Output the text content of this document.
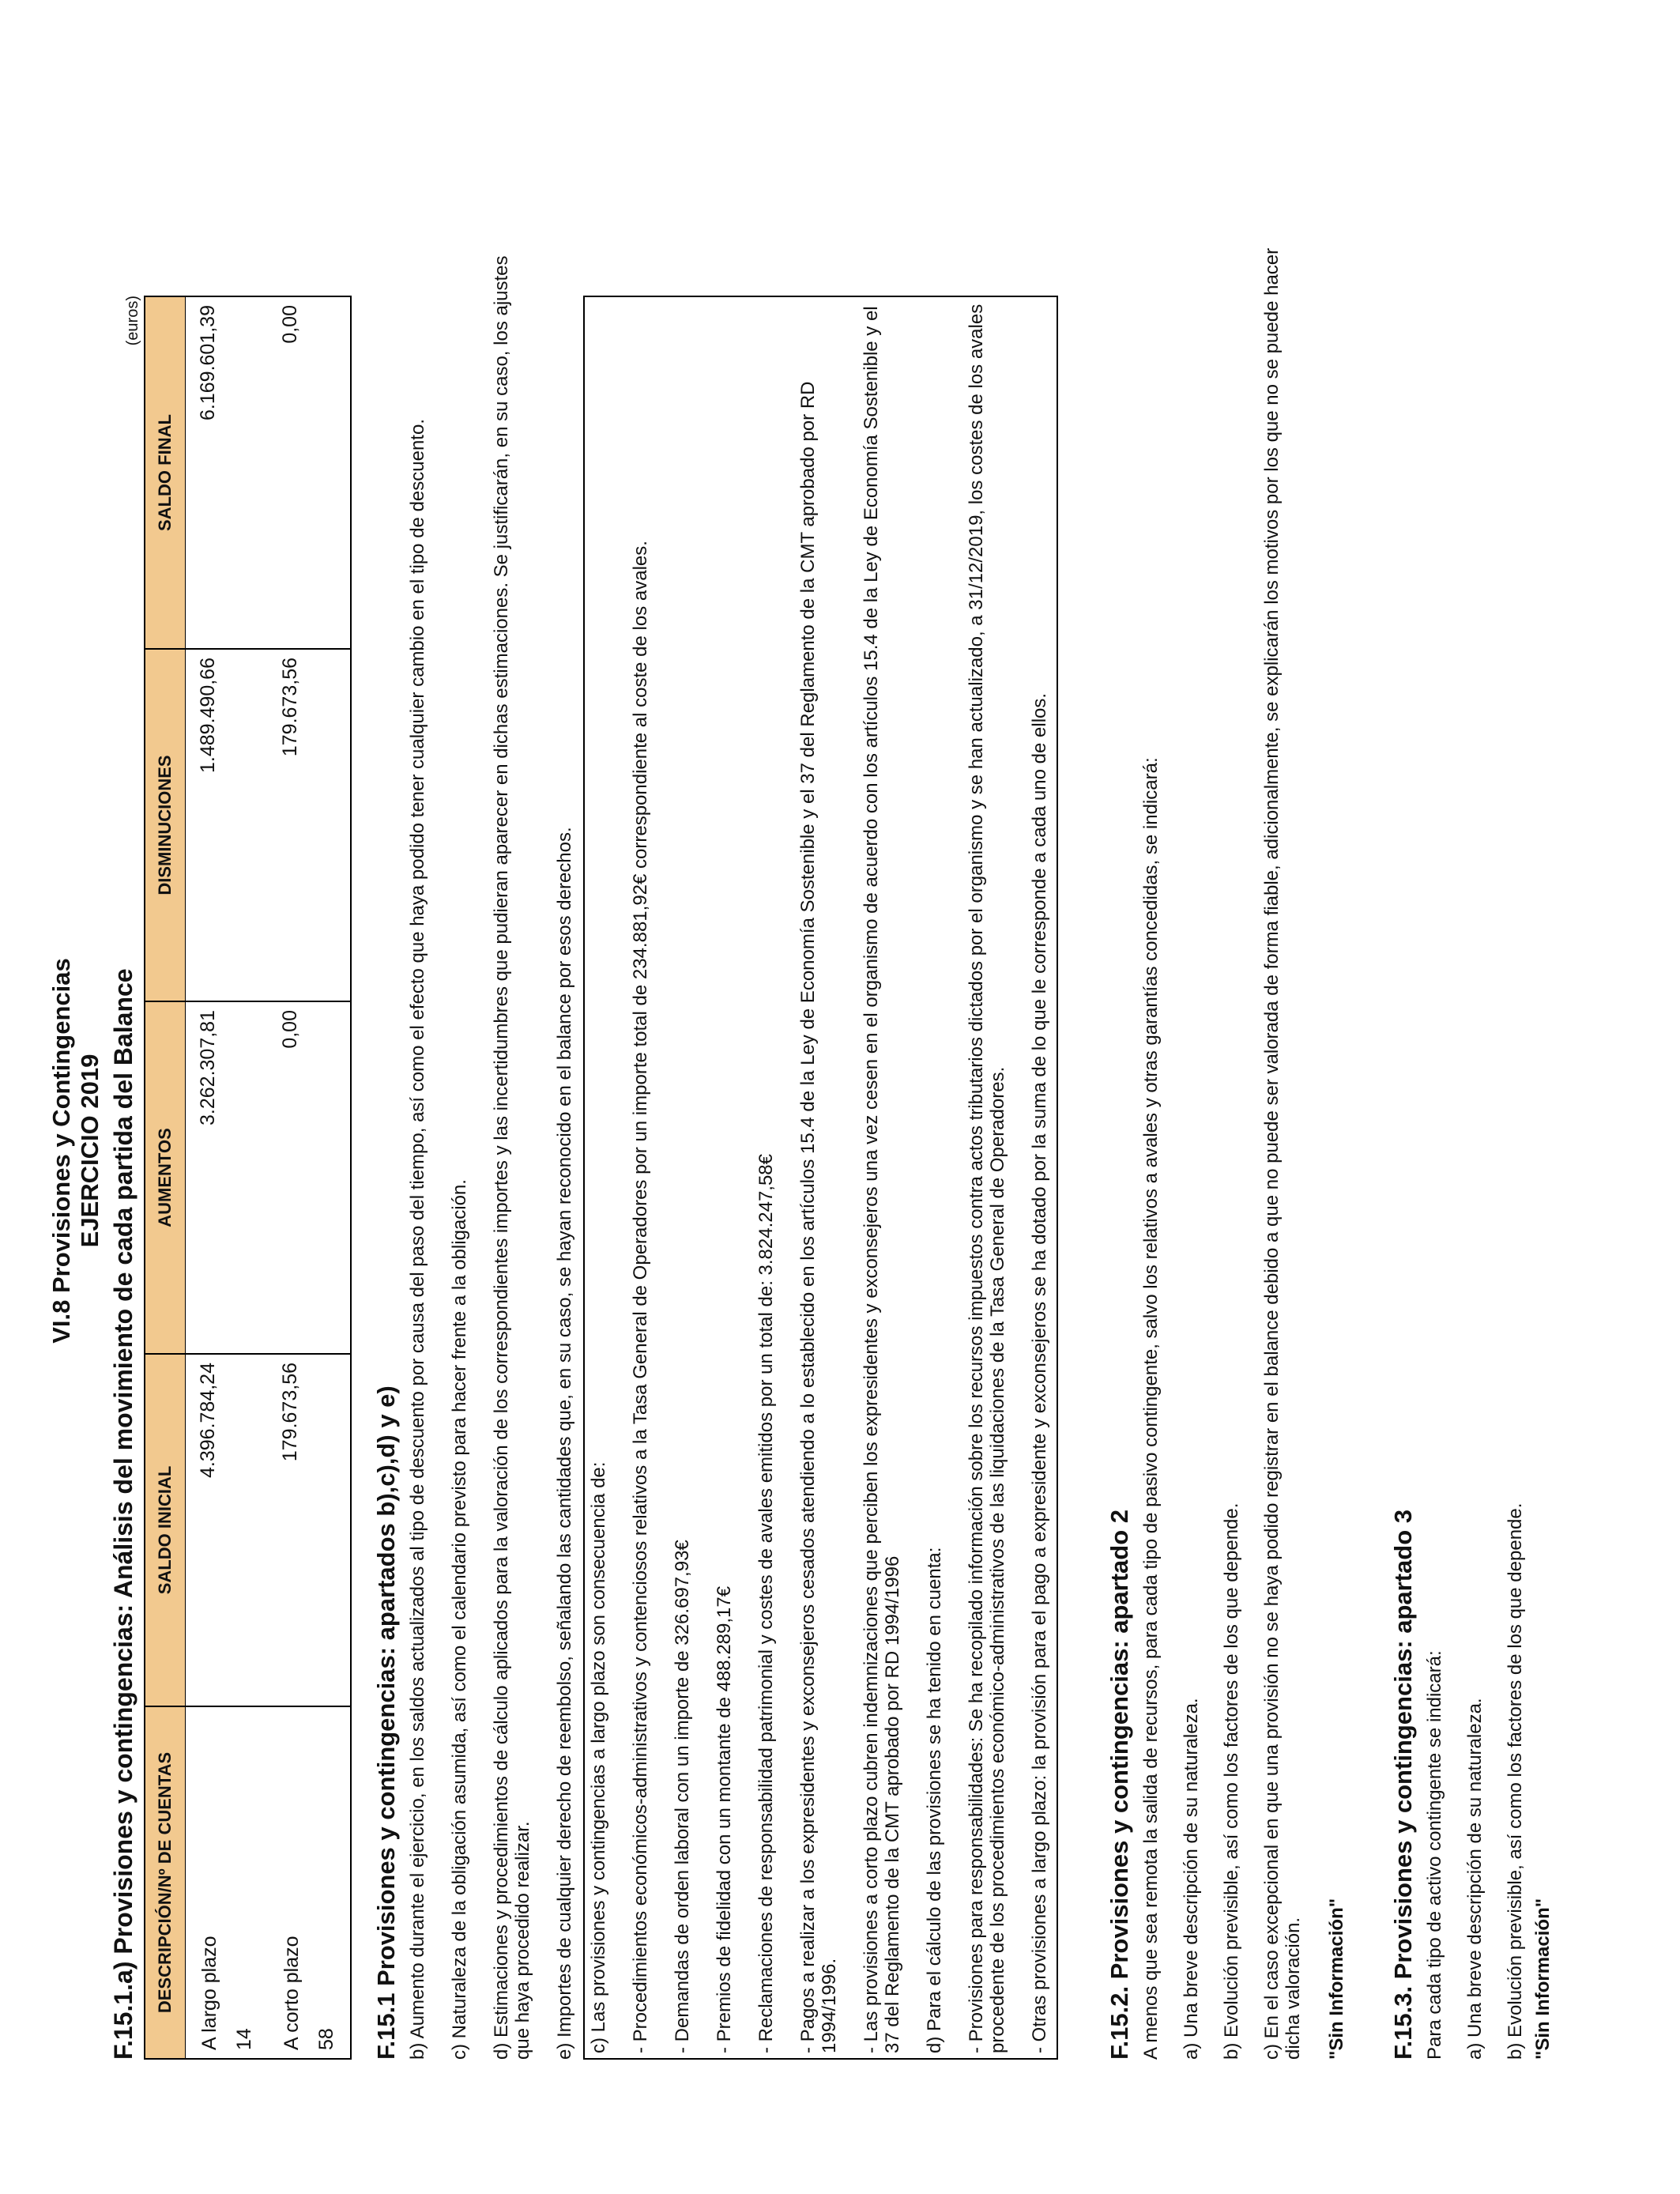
VI.8 Provisiones y Contingencias EJERCICIO 2019 F.15.1.a) Provisiones y contingencias: Análisis del movimiento de cada partida del Balance
(euros)
DESCRIPCIÓN/Nº DE CUENTAS	SALDO INICIAL	AUMENTOS	DISMINUCIONES	SALDO FINAL

A largo plazo 14	4.396.784,24	3.262.307,81	1.489.490,66	6.169.601,39

A corto plazo 58	179.673,56	0,00	179.673,56	0,00
F.15.1 Provisiones y contingencias: apartados b),c),d) y e) b) Aumento durante el ejercicio, en los saldos actualizados al tipo de descuento por causa del paso del tiempo, así como el efecto que haya podido tener cualquier cambio en el tipo de descuento. c) Naturaleza de la obligación asumida, así como el calendario previsto para hacer frente a la obligación. d) Estimaciones y procedimientos de cálculo aplicados para la valoración de los correspondientes importes y las incertidumbres que pudieran aparecer en dichas estimaciones. Se justificarán, en su caso, los ajustes que haya procedido realizar. e) Importes de cualquier derecho de reembolso, señalando las cantidades que, en su caso, se hayan reconocido en el balance por esos derechos. c) Las provisiones y contingencias a largo plazo son consecuencia de: - Procedimientos económicos-administrativos y contenciosos relativos a la Tasa General de Operadores por un importe total de 234.881,92€ correspondiente al coste de los avales. - Demandas de orden laboral con un importe de 326.697,93€ - Premios de fidelidad con un montante de 488.289,17€ - Reclamaciones de responsabilidad patrimonial y costes de avales emitidos por un total de: 3.824.247,58€ - Pagos a realizar a los expresidentes y exconsejeros cesados atendiendo a lo establecido en los artículos 15.4 de la Ley de Economía Sostenible y el 37 del Reglamento de la CMT aprobado por RD 1994/1996. - Las provisiones a corto plazo cubren indemnizaciones que perciben los expresidentes y exconsejeros una vez cesen en el organismo de acuerdo con los artículos 15.4 de la Ley de Economía Sostenible y el 37 del Reglamento de la CMT aprobado por RD 1994/1996 d) Para el cálculo de las provisiones se ha tenido en cuenta: - Provisiones para responsabilidades: Se ha recopilado información sobre los recursos impuestos contra actos tributarios dictados por el organismo y se han actualizado, a 31/12/2019, los costes de los avales procedente de los procedimientos económico-administrativos de las liquidaciones de la Tasa General de Operadores. - Otras provisiones a largo plazo: la provisión para el pago a expresidente y exconsejeros se ha dotado por la suma de lo que le corresponde a cada uno de ellos. F.15.2. Provisiones y contingencias: apartado 2 A menos que sea remota la salida de recursos, para cada tipo de pasivo contingente, salvo los relativos a avales y otras garantías concedidas, se indicará: a) Una breve descripción de su naturaleza. b) Evolución previsible, así como los factores de los que depende. c) En el caso excepcional en que una provisión no se haya podido registrar en el balance debido a que no puede ser valorada de forma fiable, adicionalmente, se explicarán los motivos por los que no se puede hacer dicha valoración. "Sin Información" F.15.3. Provisiones y contingencias: apartado 3 Para cada tipo de activo contingente se indicará: a) Una breve descripción de su naturaleza. b) Evolución previsible, así como los factores de los que depende. "Sin Información"
